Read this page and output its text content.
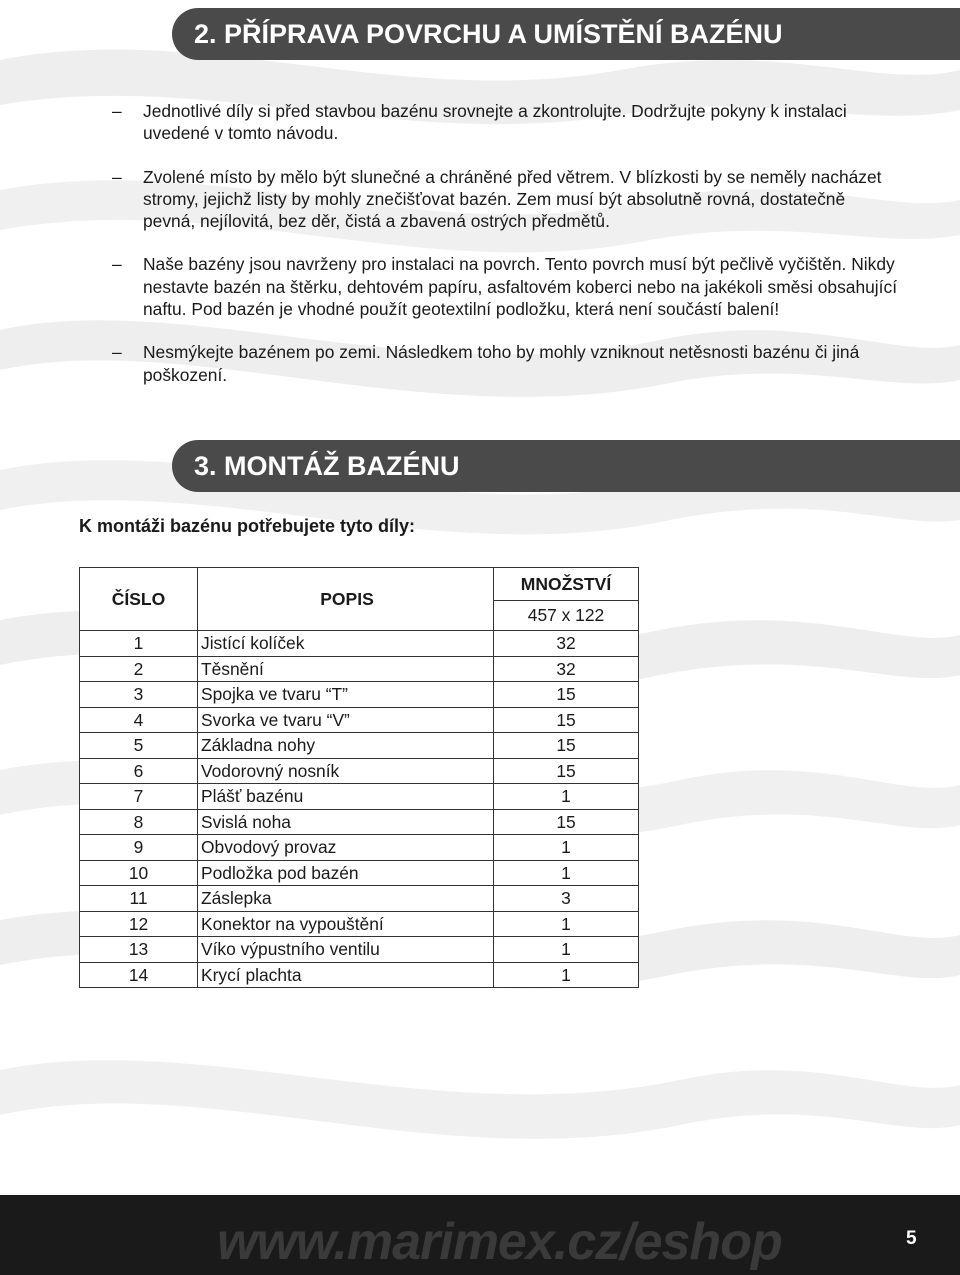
2. PŘÍPRAVA POVRCHU A UMÍSTĚNÍ BAZÉNU
– Jednotlivé díly si před stavbou bazénu srovnejte a zkontrolujte. Dodržujte pokyny k instalaci uvedené v tomto návodu.
– Zvolené místo by mělo být slunečné a chráněné před větrem. V blízkosti by se neměly nacházet stromy, jejichž listy by mohly znečišťovat bazén. Zem musí být absolutně rovná, dostatečně pevná, nejílovitá, bez děr, čistá a zbavená ostrých předmětů.
– Naše bazény jsou navrženy pro instalaci na povrch. Tento povrch musí být pečlivě vyčištěn. Nikdy nestavte bazén na štěrku, dehtovém papíru, asfaltovém koberci nebo na jakékoli směsi obsahující naftu. Pod bazén je vhodné použít geotextilní podložku, která není součástí balení!
– Nesmýkejte bazénem po zemi. Následkem toho by mohly vzniknout netěsnosti bazénu či jiná poškození.
3. MONTÁŽ BAZÉNU
K montáži bazénu potřebujete tyto díly:
ČÍSLO	POPIS	MNOŽSTVÍ
		457 x 122
1	Jistící kolíček	32
2	Těsnění	32
3	Spojka ve tvaru “T”	15
4	Svorka ve tvaru “V”	15
5	Základna nohy	15
6	Vodorovný nosník	15
7	Plášť bazénu	1
8	Svislá noha	15
9	Obvodový provaz	1
10	Podložka pod bazén	1
11	Záslepka	3
12	Konektor na vypouštění	1
13	Víko výpustního ventilu	1
14	Krycí plachta	1
www.marimex.cz/eshop	5
